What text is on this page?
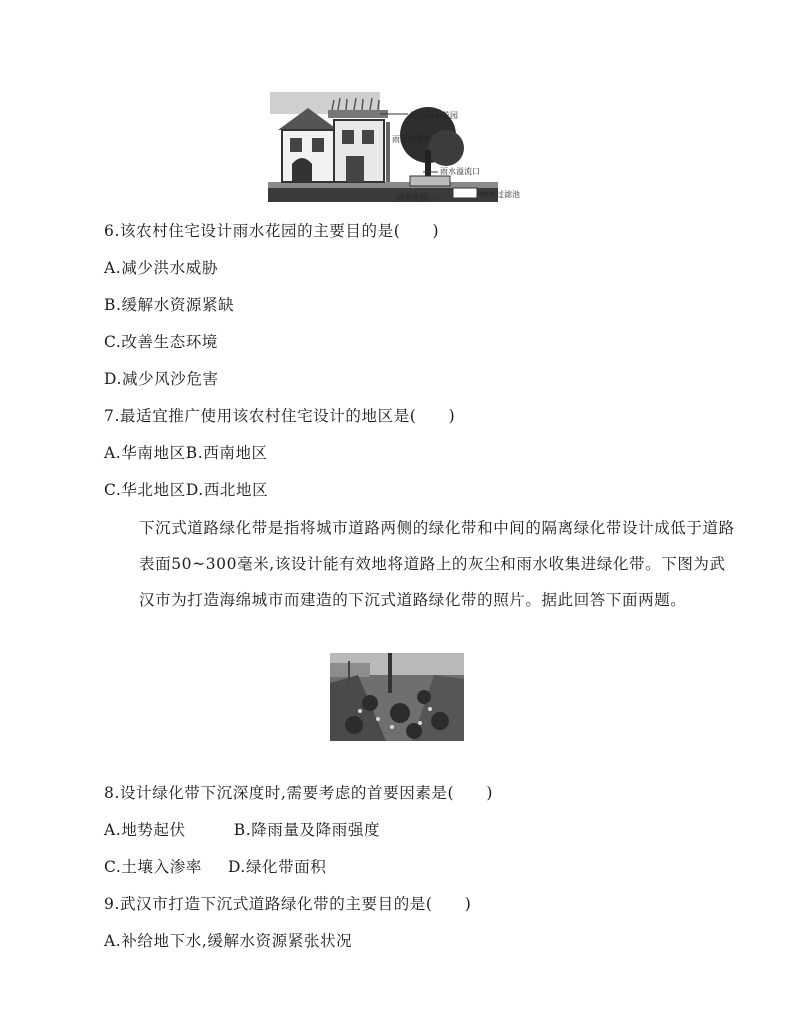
屋顶雨水花园
雨水收集带
雨水溢流口
雨水花园	雨水过滤池
6.该农村住宅设计雨水花园的主要目的是(　　)
A.减少洪水威胁
B.缓解水资源紧缺
C.改善生态环境
D.减少风沙危害
7.最适宜推广使用该农村住宅设计的地区是(　　)
A.华南地区B.西南地区
C.华北地区D.西北地区
下沉式道路绿化带是指将城市道路两侧的绿化带和中间的隔离绿化带设计成低于道路表面50~300毫米,该设计能有效地将道路上的灰尘和雨水收集进绿化带。下图为武汉市为打造海绵城市而建造的下沉式道路绿化带的照片。据此回答下面两题。
8.设计绿化带下沉深度时,需要考虑的首要因素是(　　)
A.地势起伏	B.降雨量及降雨强度
C.土壤入渗率 D.绿化带面积
9.武汉市打造下沉式道路绿化带的主要目的是(　　)
A.补给地下水,缓解水资源紧张状况
